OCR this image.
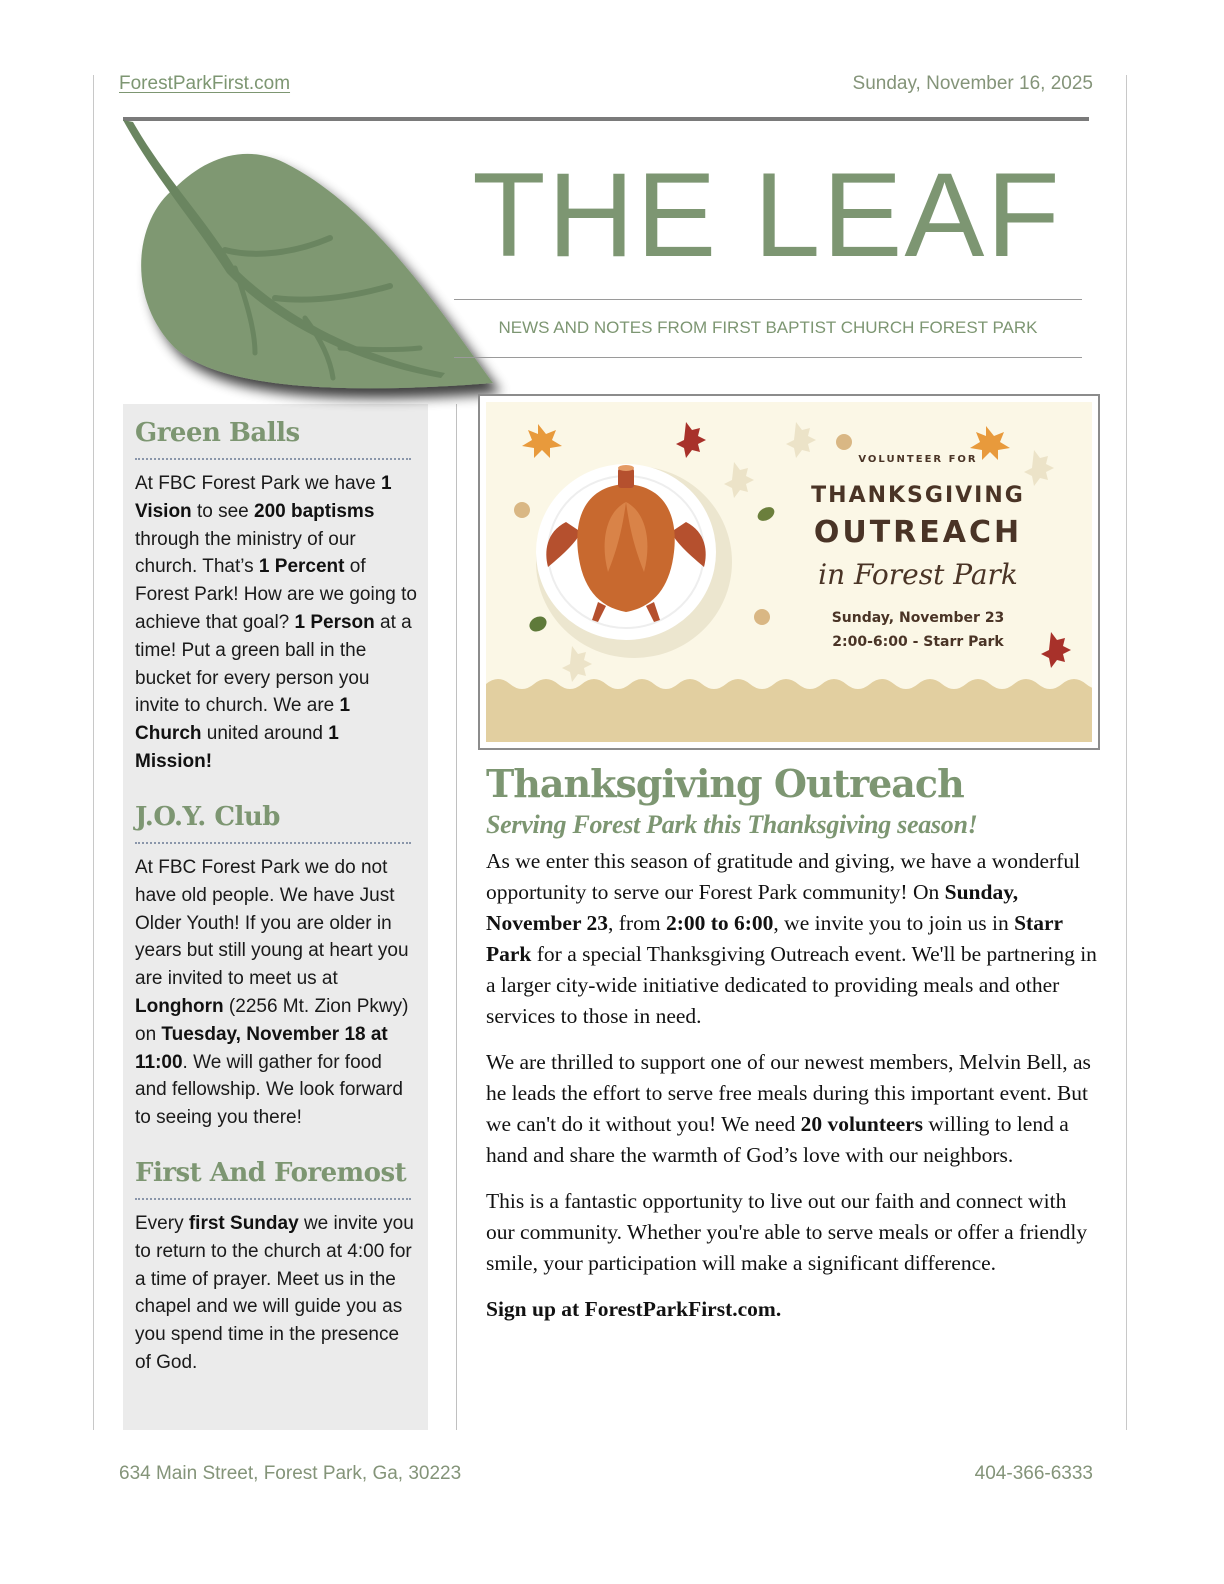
ForestParkFirst.com	Sunday, November 16, 2025
THE LEAF
NEWS AND NOTES FROM FIRST BAPTIST CHURCH FOREST PARK
Green Balls
At FBC Forest Park we have 1 Vision to see 200 baptisms through the ministry of our church. That’s 1 Percent of Forest Park! How are we going to achieve that goal? 1 Person at a time! Put a green ball in the bucket for every person you invite to church. We are 1 Church united around 1 Mission!
J.O.Y. Club
At FBC Forest Park we do not have old people. We have Just Older Youth! If you are older in years but still young at heart you are invited to meet us at Longhorn (2256 Mt. Zion Pkwy) on Tuesday, November 18 at 11:00. We will gather for food and fellowship. We look forward to seeing you there!
First And Foremost
Every first Sunday we invite you to return to the church at 4:00 for a time of prayer. Meet us in the chapel and we will guide you as you spend time in the presence of God.
VOLUNTEER FOR
THANKSGIVING
OUTREACH
in Forest Park
Sunday, November 23
2:00-6:00 - Starr Park
Thanksgiving Outreach
Serving Forest Park this Thanksgiving season!

As we enter this season of gratitude and giving, we have a wonderful opportunity to serve our Forest Park community! On Sunday, November 23, from 2:00 to 6:00, we invite you to join us in Starr Park for a special Thanksgiving Outreach event. We'll be partnering in a larger city-wide initiative dedicated to providing meals and other services to those in need.

We are thrilled to support one of our newest members, Melvin Bell, as he leads the effort to serve free meals during this important event. But we can't do it without you! We need 20 volunteers willing to lend a hand and share the warmth of God’s love with our neighbors.

This is a fantastic opportunity to live out our faith and connect with our community. Whether you're able to serve meals or offer a friendly smile, your participation will make a significant difference.

Sign up at ForestParkFirst.com.

634 Main Street, Forest Park, Ga, 30223	404-366-6333
